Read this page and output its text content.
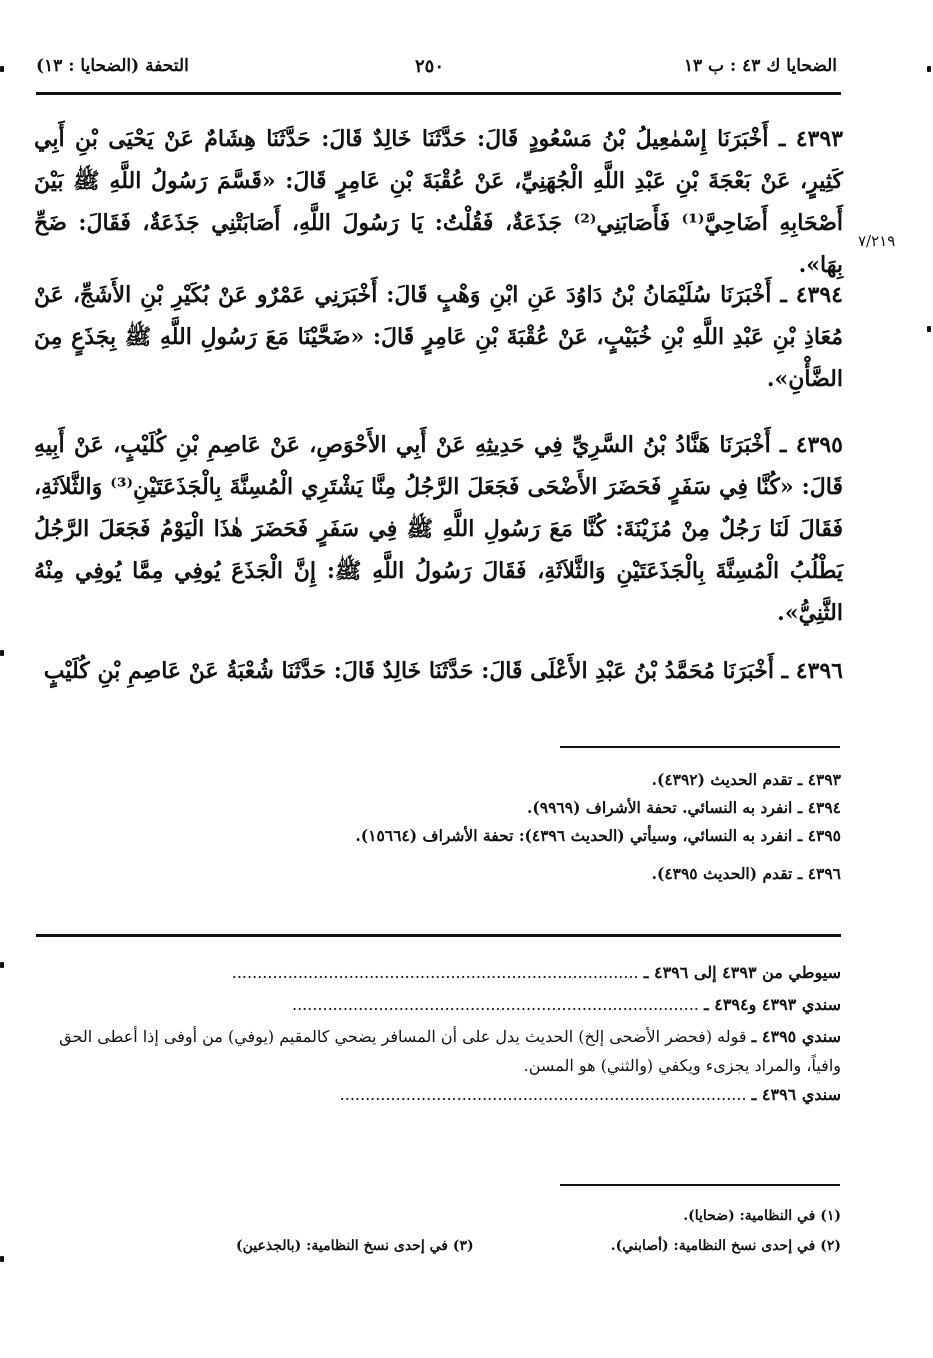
الضحايا ك ٤٣ : ب ١٣
٢٥٠
التحفة (الضحايا : ١٣)
٧/٢١٩
٤٣٩٣ ـ أَخْبَرَنَا إِسْمٰعِيلُ بْنُ مَسْعُودٍ قَالَ: حَدَّثَنَا خَالِدٌ قَالَ: حَدَّثَنَا هِشَامٌ عَنْ يَحْيَى بْنِ أَبِي كَثِيرٍ، عَنْ بَعْجَةَ بْنِ عَبْدِ اللَّهِ الْجُهَنِيِّ، عَنْ عُقْبَةَ بْنِ عَامِرٍ قَالَ: «قَسَّمَ رَسُولُ اللَّهِ ﷺ بَيْنَ أَصْحَابِهِ أَضَاحِيَّ⁽¹⁾ فَأَصَابَنِي⁽²⁾ جَذَعَةٌ، فَقُلْتُ: يَا رَسُولَ اللَّهِ، أَصَابَتْنِي جَذَعَةٌ، فَقَالَ: ضَحِّ بِهَا».
٤٣٩٤ ـ أَخْبَرَنَا سُلَيْمَانُ بْنُ دَاوُدَ عَنِ ابْنِ وَهْبٍ قَالَ: أَخْبَرَنِي عَمْرٌو عَنْ بُكَيْرِ بْنِ الأَشَجِّ، عَنْ مُعَاذِ بْنِ عَبْدِ اللَّهِ بْنِ خُبَيْبٍ، عَنْ عُقْبَةَ بْنِ عَامِرٍ قَالَ: «ضَحَّيْنَا مَعَ رَسُولِ اللَّهِ ﷺ بِجَذَعٍ مِنَ الضَّأْنِ».
٤٣٩٥ ـ أَخْبَرَنَا هَنَّادُ بْنُ السَّرِيِّ فِي حَدِيثِهِ عَنْ أَبِي الأَحْوَصِ، عَنْ عَاصِمِ بْنِ كُلَيْبٍ، عَنْ أَبِيهِ قَالَ: «كُنَّا فِي سَفَرٍ فَحَضَرَ الأَضْحَى فَجَعَلَ الرَّجُلُ مِنَّا يَشْتَرِي الْمُسِنَّةَ بِالْجَذَعَتَيْنِ⁽³⁾ وَالثَّلاَثَةِ، فَقَالَ لَنَا رَجُلٌ مِنْ مُزَيْنَةَ: كُنَّا مَعَ رَسُولِ اللَّهِ ﷺ فِي سَفَرٍ فَحَضَرَ هٰذَا الْيَوْمُ فَجَعَلَ الرَّجُلُ يَطْلُبُ الْمُسِنَّةَ بِالْجَذَعَتَيْنِ وَالثَّلاَثَةِ، فَقَالَ رَسُولُ اللَّهِ ﷺ: إِنَّ الْجَذَعَ يُوفِي مِمَّا يُوفِي مِنْهُ الثَّنِيُّ».
٤٣٩٦ ـ أَخْبَرَنَا مُحَمَّدُ بْنُ عَبْدِ الأَعْلَى قَالَ: حَدَّثَنَا خَالِدٌ قَالَ: حَدَّثَنَا شُعْبَةُ عَنْ عَاصِمِ بْنِ كُلَيْبٍ
٤٣٩٣ ـ تقدم الحديث (٤٣٩٢).
٤٣٩٤ ـ انفرد به النسائي. تحفة الأشراف (٩٩٦٩).
٤٣٩٥ ـ انفرد به النسائي، وسيأتي (الحديث ٤٣٩٦): تحفة الأشراف (١٥٦٦٤).
٤٣٩٦ ـ تقدم (الحديث ٤٣٩٥).
سيوطي من ٤٣٩٣ إلى ٤٣٩٦ ـ ................................................................................
سندي ٤٣٩٣ و٤٣٩٤ ـ ................................................................................
سندي ٤٣٩٥ ـ قوله (فحضر الأضحى إلخ) الحديث يدل على أن المسافر يضحي كالمقيم (يوفي) من أوفى إذا أعطى الحق وافياً، والمراد يجزىء ويكفي (والثني) هو المسن.
سندي ٤٣٩٦ ـ ................................................................................
(١) في النظامية: (ضحايا).
(٢) في إحدى نسخ النظامية: (أصابني).
(٣) في إحدى نسخ النظامية: (بالجذعين)
